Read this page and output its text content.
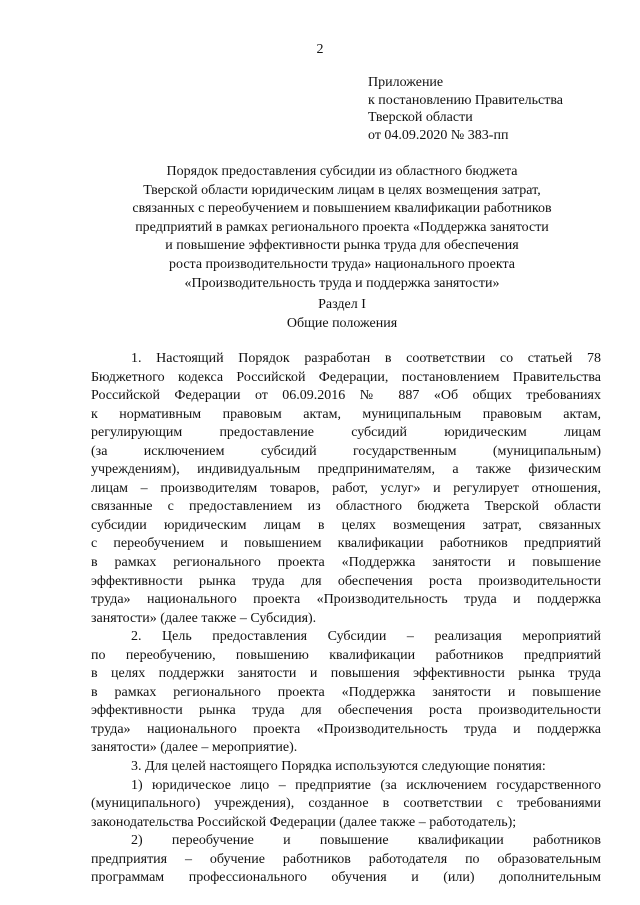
2
Приложение
к постановлению Правительства
Тверской области
от 04.09.2020 № 383-пп
Порядок предоставления субсидии из областного бюджета
Тверской области юридическим лицам в целях возмещения затрат,
связанных с переобучением и повышением квалификации работников
предприятий в рамках регионального проекта «Поддержка занятости
и повышение эффективности рынка труда для обеспечения
роста производительности труда» национального проекта
«Производительность труда и поддержка занятости»
Раздел I
Общие положения
1. Настоящий Порядок разработан в соответствии со статьей 78
Бюджетного кодекса Российской Федерации, постановлением Правительства
Российской Федерации от 06.09.2016 № 887 «Об общих требованиях
к нормативным правовым актам, муниципальным правовым актам,
регулирующим предоставление субсидий юридическим лицам
(за исключением субсидий государственным (муниципальным)
учреждениям), индивидуальным предпринимателям, а также физическим
лицам – производителям товаров, работ, услуг» и регулирует отношения,
связанные с предоставлением из областного бюджета Тверской области
субсидии юридическим лицам в целях возмещения затрат, связанных
с переобучением и повышением квалификации работников предприятий
в рамках регионального проекта «Поддержка занятости и повышение
эффективности рынка труда для обеспечения роста производительности
труда» национального проекта «Производительность труда и поддержка
занятости» (далее также – Субсидия).
2. Цель предоставления Субсидии – реализация мероприятий
по переобучению, повышению квалификации работников предприятий
в целях поддержки занятости и повышения эффективности рынка труда
в рамках регионального проекта «Поддержка занятости и повышение
эффективности рынка труда для обеспечения роста производительности
труда» национального проекта «Производительность труда и поддержка
занятости» (далее – мероприятие).
3. Для целей настоящего Порядка используются следующие понятия:
1) юридическое лицо – предприятие (за исключением государственного
(муниципального) учреждения), созданное в соответствии с требованиями
законодательства Российской Федерации (далее также – работодатель);
2) переобучение и повышение квалификации работников
предприятия – обучение работников работодателя по образовательным
программам профессионального обучения и (или) дополнительным
